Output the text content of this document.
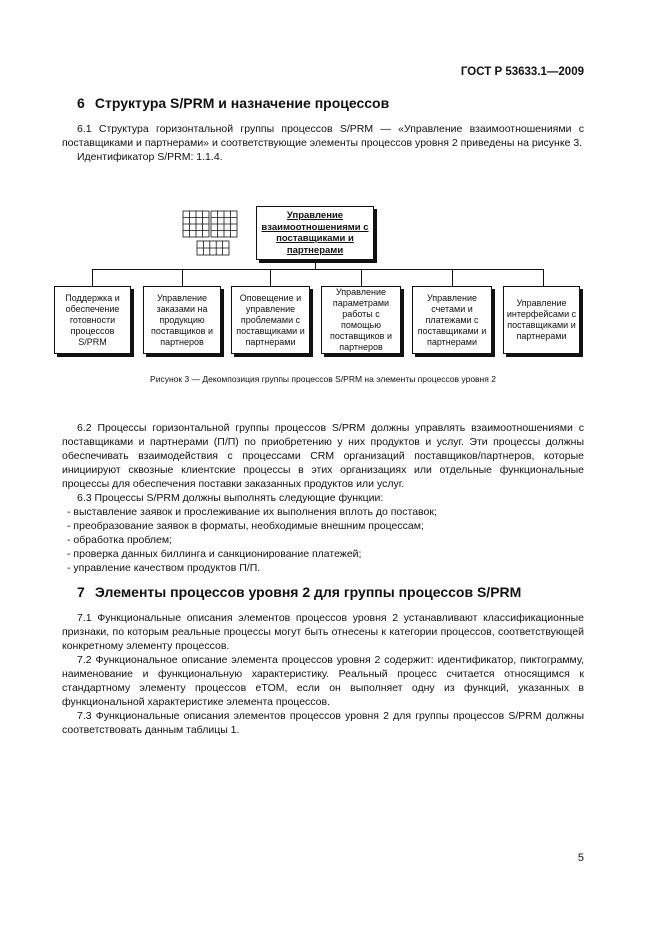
ГОСТ Р 53633.1—2009
6 Структура S/PRM и назначение процессов

6.1 Структура горизонтальной группы процессов S/PRM — «Управление взаимоотношениями с поставщиками и партнерами» и соответствующие элементы процессов уровня 2 приведены на рисунке 3.

Идентификатор S/PRM: 1.1.4.

Управление взаимоотношениями с поставщиками и партнерами
Поддержка и обеспечение готовности процессов S/PRM
Управление заказами на продукцию поставщиков и партнеров
Оповещение и управление проблемами с поставщиками и партнерами
Управление параметрами работы с помощью поставщиков и партнеров
Управление счетами и платежами с поставщиками и партнерами
Управление интерфейсами с поставщиками и партнерами
Рисунок 3 — Декомпозиция группы процессов S/PRM на элементы процессов уровня 2

6.2 Процессы горизонтальной группы процессов S/PRM должны управлять взаимоотношениями с поставщиками и партнерами (П/П) по приобретению у них продуктов и услуг. Эти процессы должны обеспечивать взаимодействия с процессами CRM организаций поставщиков/партнеров, которые инициируют сквозные клиентские процессы в этих организациях или отдельные функциональные процессы для обеспечения поставки заказанных продуктов или услуг.

6.3 Процессы S/PRM должны выполнять следующие функции:

- выставление заявок и прослеживание их выполнения вплоть до поставок;
- преобразование заявок в форматы, необходимые внешним процессам;
- обработка проблем;
- проверка данных биллинга и санкционирование платежей;
- управление качеством продуктов П/П.
7 Элементы процессов уровня 2 для группы процессов S/PRM

7.1 Функциональные описания элементов процессов уровня 2 устанавливают классификационные признаки, по которым реальные процессы могут быть отнесены к категории процессов, соответствующей конкретному элементу процессов.

7.2 Функциональное описание элемента процессов уровня 2 содержит: идентификатор, пиктограмму, наименование и функциональную характеристику. Реальный процесс считается относящимся к стандартному элементу процессов eTOM, если он выполняет одну из функций, указанных в функциональной характеристике элемента процессов.

7.3 Функциональные описания элементов процессов уровня 2 для группы процессов S/PRM должны соответствовать данным таблицы 1.

5
